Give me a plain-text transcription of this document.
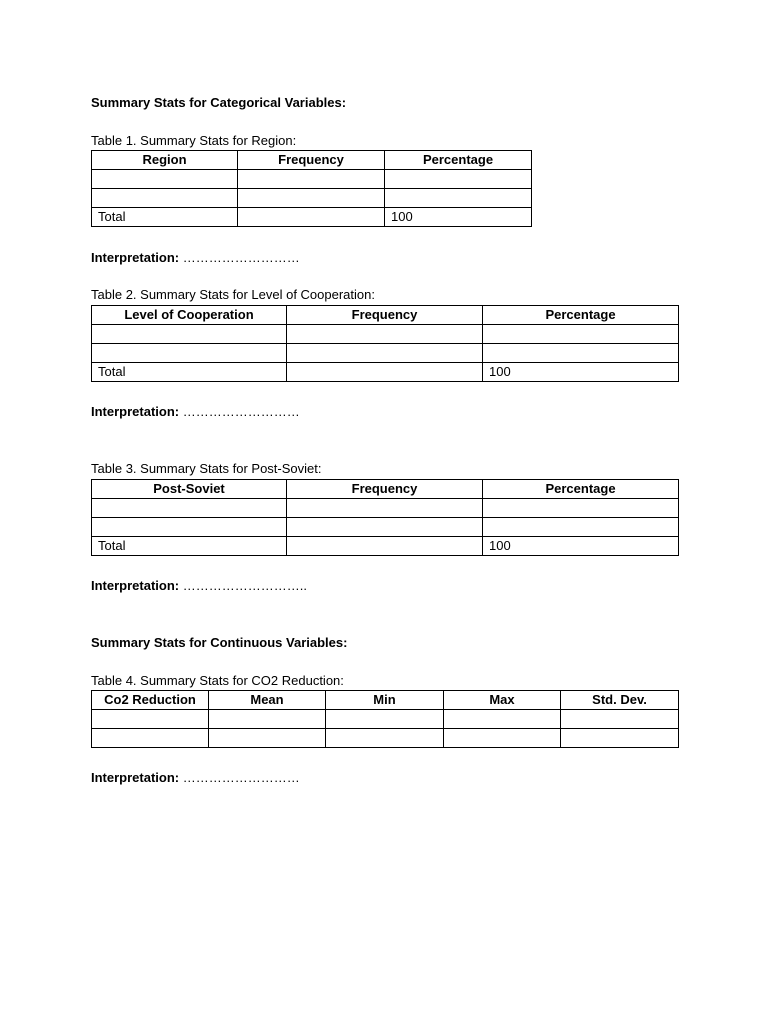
Summary Stats for Categorical Variables:
Table 1. Summary Stats for Region:
Region	Frequency	Percentage

Total		100
Interpretation: ………………………
Table 2. Summary Stats for Level of Cooperation:
Level of Cooperation	Frequency	Percentage

Total		100
Interpretation: ………………………
Table 3. Summary Stats for Post-Soviet:
Post-Soviet	Frequency	Percentage

Total		100
Interpretation: ………………………..
Summary Stats for Continuous Variables:
Table 4. Summary Stats for CO2 Reduction:
Co2 Reduction	Mean	Min	Max	Std. Dev.

Interpretation: ………………………
